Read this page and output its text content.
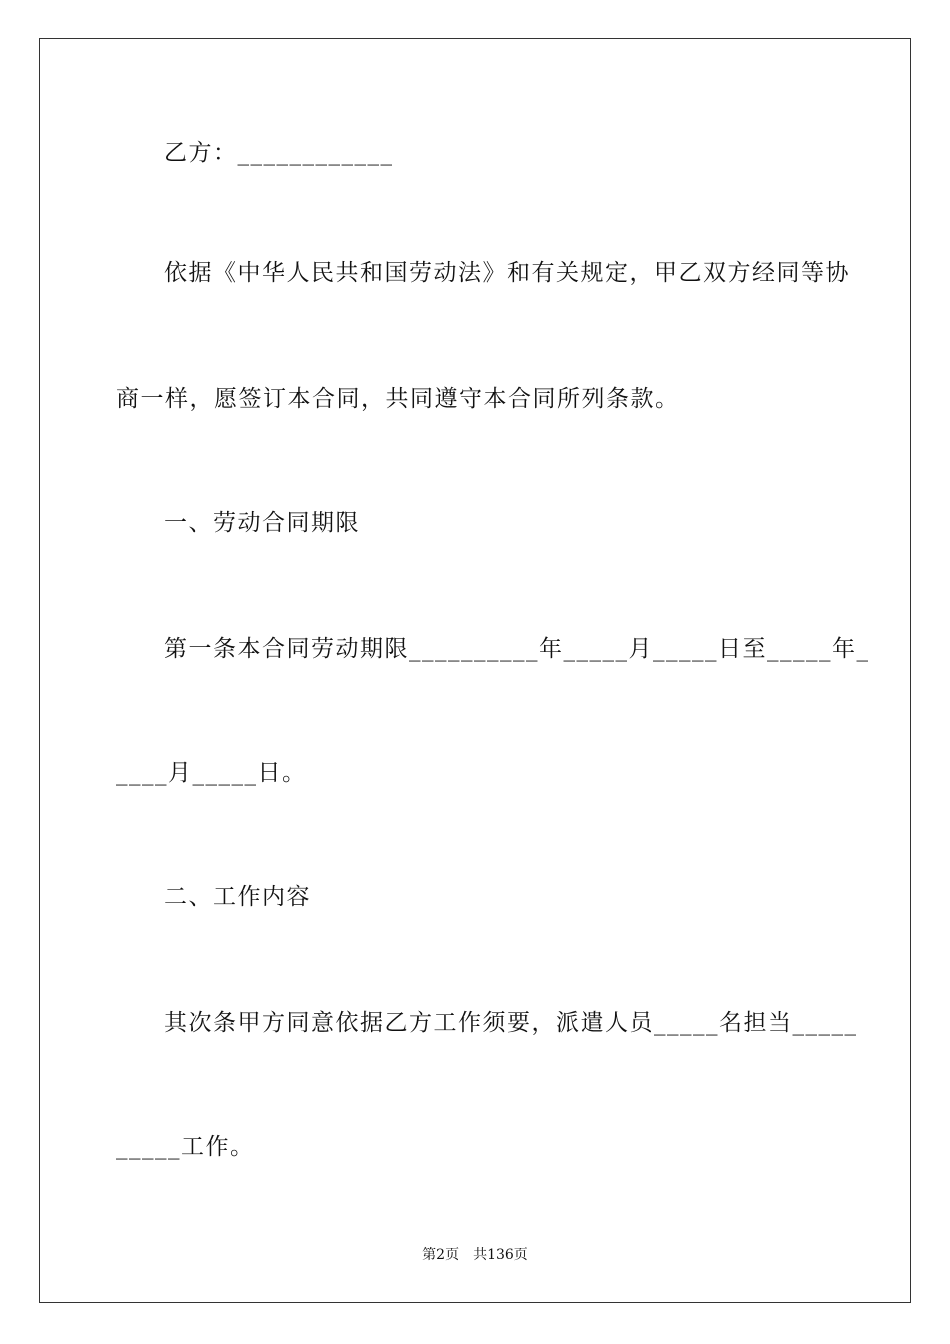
乙方：____________
依据《中华人民共和国劳动法》和有关规定，甲乙双方经同等协
商一样，愿签订本合同，共同遵守本合同所列条款。
一、劳动合同期限
第一条本合同劳动期限__________年_____月_____日至_____年_
____月_____日。
二、工作内容
其次条甲方同意依据乙方工作须要，派遣人员_____名担当_____
_____工作。
第2页　共136页
